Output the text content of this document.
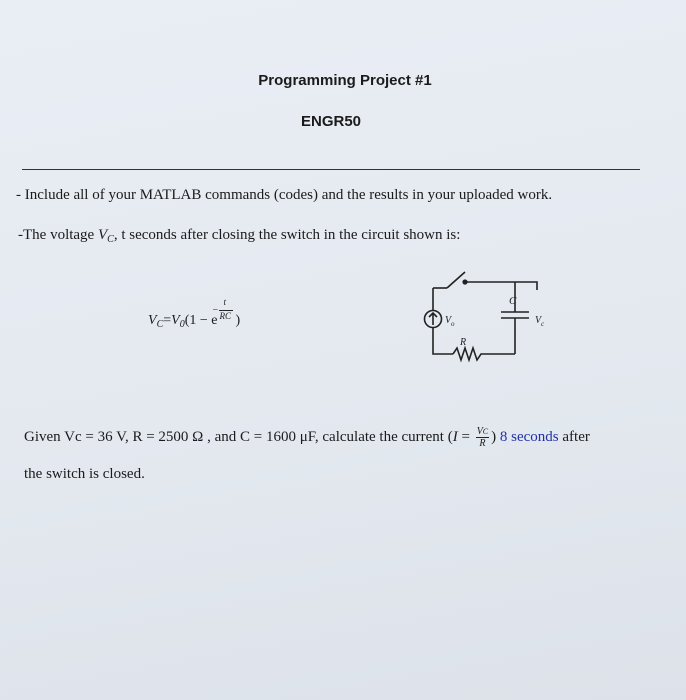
Programming Project #1
ENGR50
- Include all of your MATLAB commands (codes) and the results in your uploaded work.
-The voltage $V_C$, t seconds after closing the switch in the circuit shown is:
$V_C=V_0(1 - e$
t
RC
−
)
C
V o	V c
R
Given Vc = 36 V, R = 2500 Ω , and C = 1600 μF, calculate the current ($I = \frac{VC}{R}$ ) 8 seconds after
the switch is closed.
